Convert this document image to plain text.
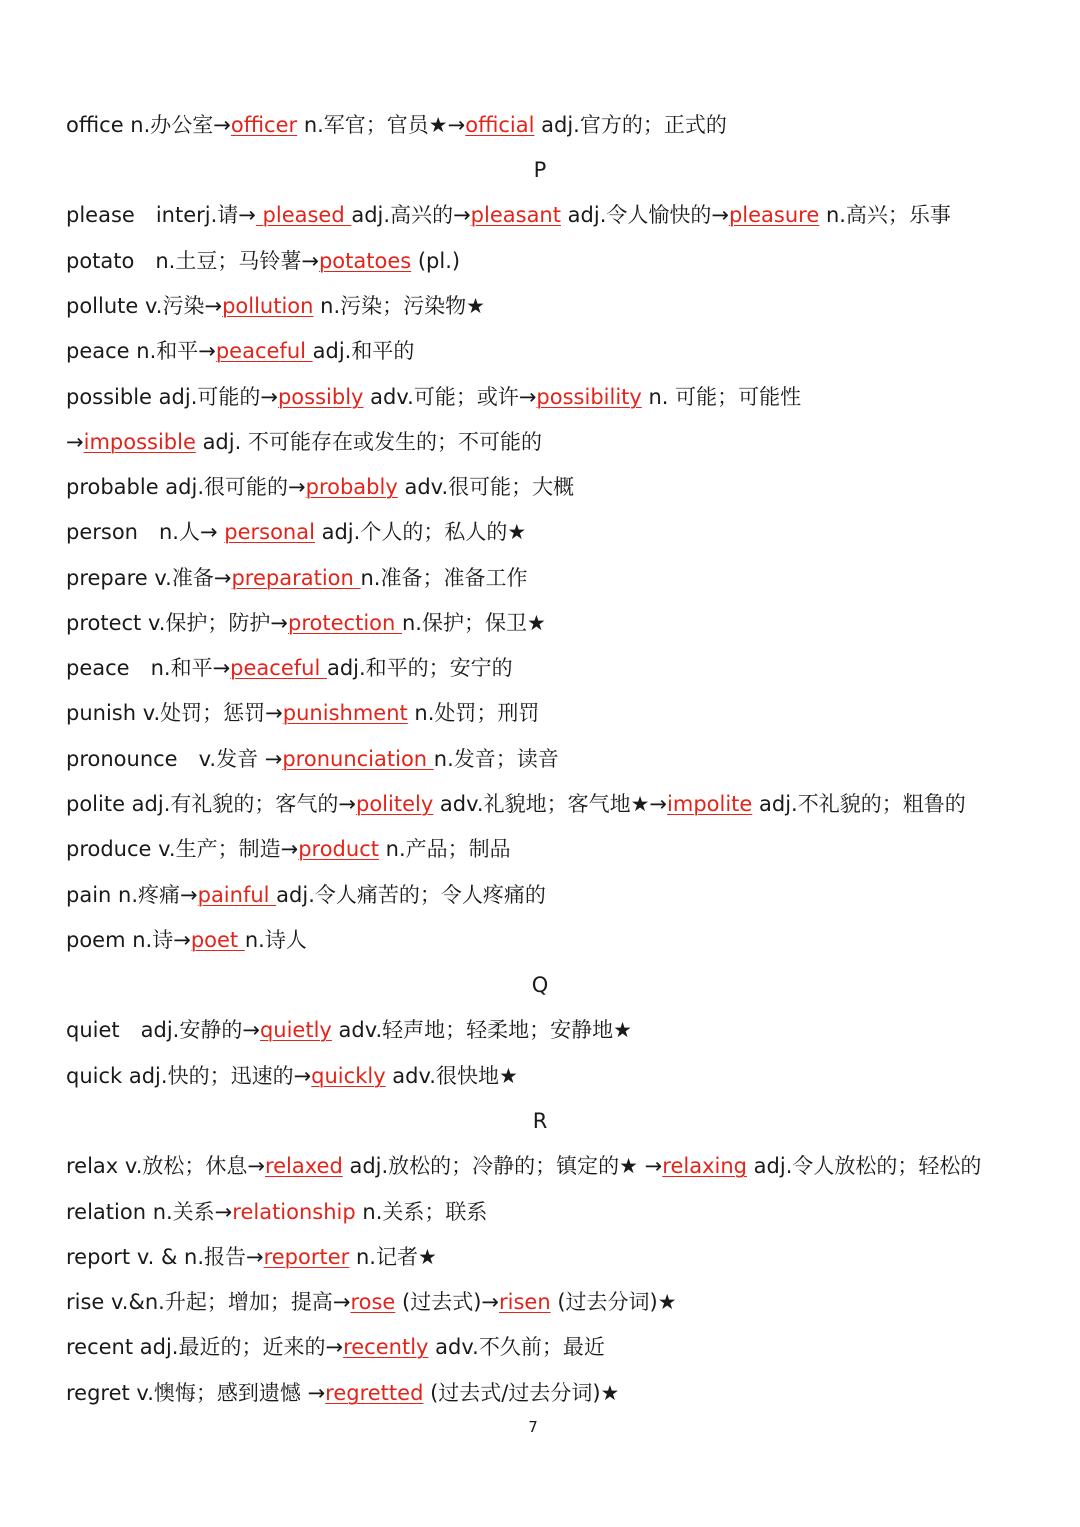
office n.办公室→officer n.军官；官员★→official adj.官方的；正式的
P
please　interj.请→ pleased adj.高兴的→pleasant adj.令人愉快的→pleasure n.高兴；乐事
potato　n.土豆；马铃薯→potatoes (pl.)
pollute v.污染→pollution n.污染；污染物★
peace n.和平→peaceful adj.和平的
possible adj.可能的→possibly adv.可能；或许→possibility n. 可能；可能性
→impossible adj. 不可能存在或发生的；不可能的
probable adj.很可能的→probably adv.很可能；大概
person　n.人→ personal adj.个人的；私人的★
prepare v.准备→preparation n.准备；准备工作
protect v.保护；防护→protection n.保护；保卫★
peace　n.和平→peaceful adj.和平的；安宁的
punish v.处罚；惩罚→punishment n.处罚；刑罚
pronounce　v.发音 →pronunciation n.发音；读音
polite adj.有礼貌的；客气的→politely adv.礼貌地；客气地★→impolite adj.不礼貌的；粗鲁的
produce v.生产；制造→product n.产品；制品
pain n.疼痛→painful adj.令人痛苦的；令人疼痛的
poem n.诗→poet n.诗人
Q
quiet　adj.安静的→quietly adv.轻声地；轻柔地；安静地★
quick adj.快的；迅速的→quickly adv.很快地★
R
relax v.放松；休息→relaxed adj.放松的；冷静的；镇定的★ →relaxing adj.令人放松的；轻松的
relation n.关系→relationship n.关系；联系
report v. & n.报告→reporter n.记者★
rise v.&n.升起；增加；提高→rose (过去式)→risen (过去分词)★
recent adj.最近的；近来的→recently adv.不久前；最近
regret v.懊悔；感到遗憾 →regretted (过去式/过去分词)★
7
